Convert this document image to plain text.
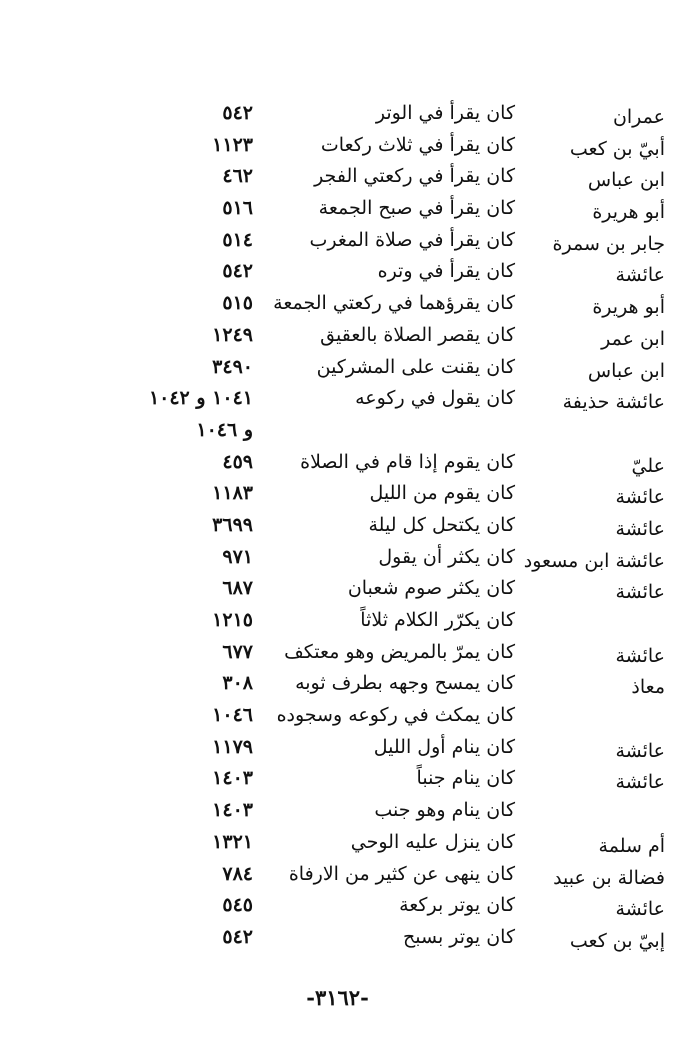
عمران
كان يقرأ في الوتر
٥٤٢
أبيّ بن كعب
كان يقرأ في ثلاث ركعات
١١٢٣
ابن عباس
كان يقرأ في ركعتي الفجر
٤٦٢
أبو هريرة
كان يقرأ في صبح الجمعة
٥١٦
جابر بن سمرة
كان يقرأ في صلاة المغرب
٥١٤
عائشة
كان يقرأ في وتره
٥٤٢
أبو هريرة
كان يقرؤهما في ركعتي الجمعة
٥١٥
ابن عمر
كان يقصر الصلاة بالعقيق
١٢٤٩
ابن عباس
كان يقنت على المشركين
٣٤٩٠
عائشة حذيفة
كان يقول في ركوعه
١٠٤١ و ١٠٤٢
و ١٠٤٦
عليّ
كان يقوم إذا قام في الصلاة
٤٥٩
عائشة
كان يقوم من الليل
١١٨٣
عائشة
كان يكتحل كل ليلة
٣٦٩٩
عائشة ابن مسعود
كان يكثر أن يقول
٩٧١
عائشة
كان يكثر صوم شعبان
٦٨٧
كان يكرّر الكلام ثلاثاً
١٢١٥
عائشة
كان يمرّ بالمريض وهو معتكف
٦٧٧
معاذ
كان يمسح وجهه بطرف ثوبه
٣٠٨
كان يمكث في ركوعه وسجوده
١٠٤٦
عائشة
كان ينام أول الليل
١١٧٩
عائشة
كان ينام جنباً
١٤٠٣
كان ينام وهو جنب
١٤٠٣
أم سلمة
كان ينزل عليه الوحي
١٣٢١
فضالة بن عبيد
كان ينهى عن كثير من الارفاة
٧٨٤
عائشة
كان يوتر بركعة
٥٤٥
إبيّ بن كعب
كان يوتر بسبح
٥٤٢
-٣١٦٢-
